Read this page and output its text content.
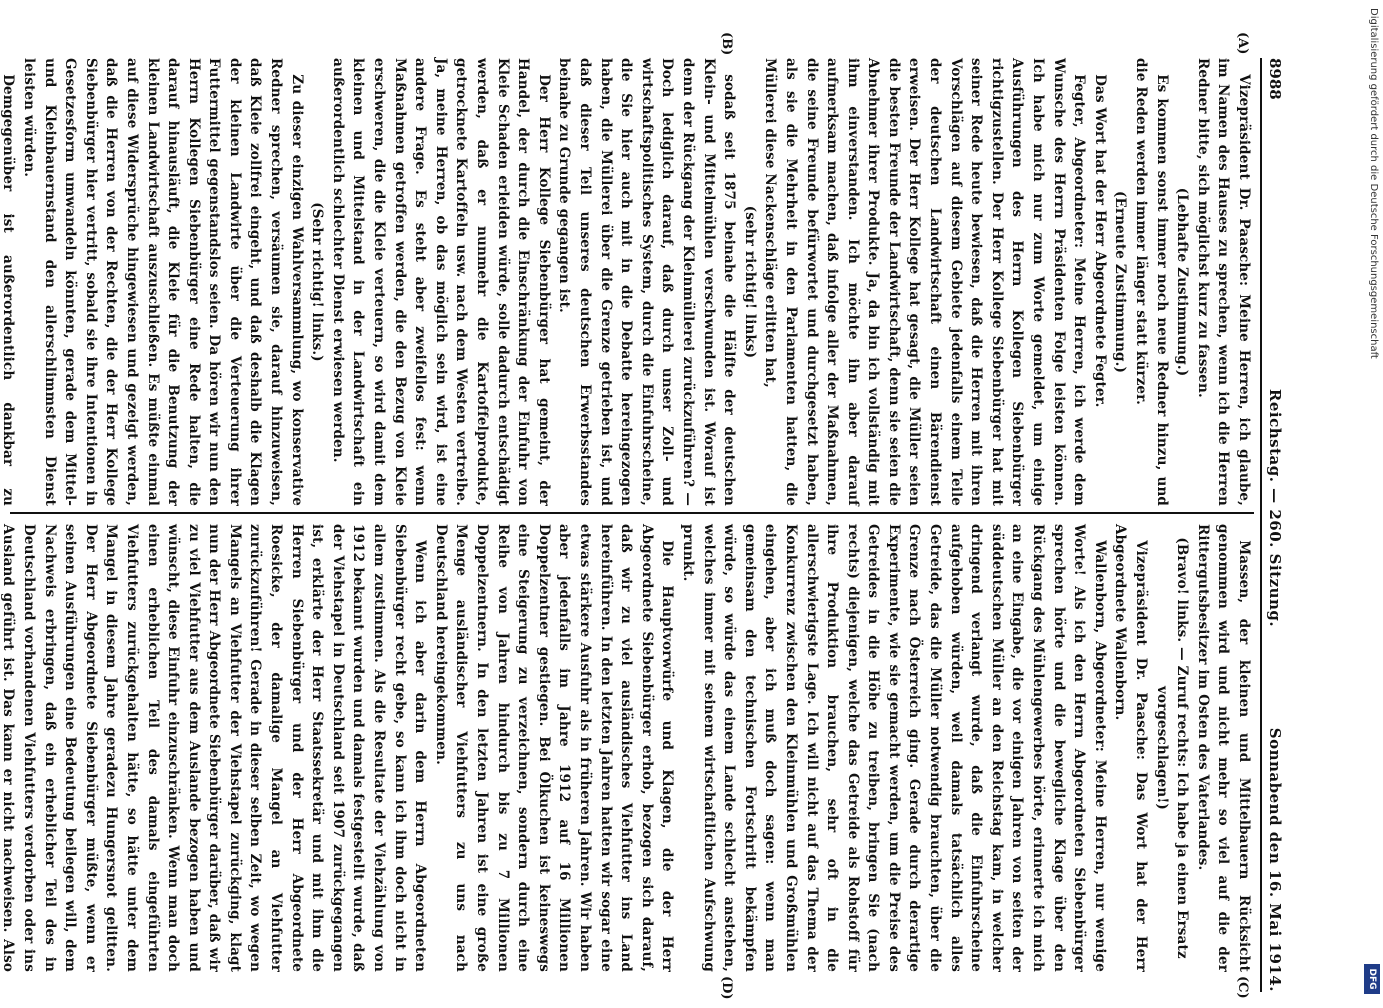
8988
Reichstag. — 260. Sitzung.
Sonnabend den 16. Mai 1914.
(A)
(B)
(C)
(D)

Vizepräsident Dr. Paasche: Meine Herren, ich glaube, im Namen des Hauses zu sprechen, wenn ich die Herren Redner bitte, sich möglichst kurz zu fassen.

(Lebhafte Zustimmung.)

Es kommen sonst immer noch neue Redner hinzu, und die Reden werden immer länger statt kürzer.

(Erneute Zustimmung.)

Das Wort hat der Herr Abgeordnete Fegter.

Fegter, Abgeordneter: Meine Herren, ich werde dem Wunsche des Herrn Präsidenten Folge leisten können. Ich habe mich nur zum Worte gemeldet, um einige Ausführungen des Herrn Kollegen Siebenbürger richtigzustellen. Der Herr Kollege Siebenbürger hat mit seiner Rede heute bewiesen, daß die Herren mit ihren Vorschlägen auf diesem Gebiete jedenfalls einem Teile der deutschen Landwirtschaft einen Bärendienst erweisen. Der Herr Kollege hat gesagt, die Müller seien die besten Freunde der Landwirtschaft, denn sie seien die Abnehmer ihrer Produkte. Ja, da bin ich vollständig mit ihm einverstanden. Ich möchte ihn aber darauf aufmerksam machen, daß infolge aller der Maßnahmen, die seine Freunde befürwortet und durchgesetzt haben, als sie die Mehrheit in den Parlamenten hatten, die Müllerei diese Nackenschläge erlitten hat,

(sehr richtig! links)

sodaß seit 1875 beinahe die Hälfte der deutschen Klein- und Mittelmühlen verschwunden ist. Worauf ist denn der Rückgang der Kleinmüllerei zurückzuführen? — Doch lediglich darauf, daß durch unser Zoll- und wirtschaftspolitisches System, durch die Einfuhrscheine, die Sie hier auch mit in die Debatte hereingezogen haben, die Müllerei über die Grenze getrieben ist, und daß dieser Teil unseres deutschen Erwerbsstandes beinahe zu Grunde gegangen ist.

Der Herr Kollege Siebenbürger hat gemeint, der Handel, der durch die Einschränkung der Einfuhr von Kleie Schaden erleiden würde, solle dadurch entschädigt werden, daß er nunmehr die Kartoffelprodukte, getrocknete Kartoffeln usw. nach dem Westen vertreibe. Ja, meine Herren, ob das möglich sein wird, ist eine andere Frage. Es steht aber zweifellos fest: wenn Maßnahmen getroffen werden, die den Bezug von Kleie erschweren, die die Kleie verteuern, so wird damit dem kleinen und Mittelstand in der Landwirtschaft ein außerordentlich schlechter Dienst erwiesen werden.

(Sehr richtig! links.)

Zu dieser einzigen Wahlversammlung, wo konservative Redner sprechen, versäumen sie, darauf hinzuweisen, daß Kleie zollfrei eingeht, und daß deshalb die Klagen der kleinen Landwirte über die Verteuerung ihrer Futtermittel gegenstandslos seien. Da hören wir nun den Herrn Kollegen Siebenbürger eine Rede halten, die darauf hinausläuft, die Kleie für die Benutzung der kleinen Landwirtschaft auszuschließen. Es müßte einmal auf diese Widersprüche hingewiesen und gezeigt werden, daß die Herren von der Rechten, die der Herr Kollege Siebenbürger hier vertritt, sobald sie ihre Intentionen in Gesetzesform umwandeln könnten, gerade dem Mittel- und Kleinbauernstand den allerschlimmsten Dienst leisten würden.

Demgegenüber ist außerordentlich dankbar zu

Massen, der kleinen und Mittelbauern Rücksicht genommen wird und nicht mehr so viel auf die der Rittergutsbesitzer im Osten des Vaterlandes.

(Bravo! links. — Zuruf rechts: Ich habe ja einen Ersatz vorgeschlagen!)

Vizepräsident Dr. Paasche: Das Wort hat der Herr Abgeordnete Wallenborn.

Wallenborn, Abgeordneter: Meine Herren, nur wenige Worte! Als ich den Herrn Abgeordneten Siebenbürger sprechen hörte und die bewegliche Klage über den Rückgang des Mühlengewerbes hörte, erinnerte ich mich an eine Eingabe, die vor einigen Jahren von seiten der süddeutschen Müller an den Reichstag kam, in welcher dringend verlangt wurde, daß die Einfuhrscheine aufgehoben würden, weil damals tatsächlich alles Getreide, das die Müller notwendig brauchten, über die Grenze nach Österreich ging. Gerade durch derartige Experimente, wie sie gemacht werden, um die Preise des Getreides in die Höhe zu treiben, bringen Sie (nach rechts) diejenigen, welche das Getreide als Rohstoff für ihre Produktion brauchen, sehr oft in die allerschwierigste Lage. Ich will nicht auf das Thema der Konkurrenz zwischen den Kleinmühlen und Großmühlen eingehen, aber ich muß doch sagen: wenn man gemeinsam den technischen Fortschritt bekämpfen würde, so würde das einem Lande schlecht anstehen, welches immer mit seinem wirtschaftlichen Aufschwung prunkt.

Die Hauptvorwürfe und Klagen, die der Herr Abgeordnete Siebenbürger erhob, bezogen sich darauf, daß wir zu viel ausländisches Viehfutter ins Land hereinführen. In den letzten Jahren hatten wir sogar eine etwas stärkere Ausfuhr als in früheren Jahren. Wir haben aber jedenfalls im Jahre 1912 auf 16 Millionen Doppelzentner gestiegen. Bei Ölkuchen ist keineswegs eine Steigerung zu verzeichnen, sondern durch eine Reihe von Jahren hindurch bis zu 7 Millionen Doppelzentnern. In den letzten Jahren ist eine große Menge ausländischer Viehfutters zu uns nach Deutschland hereingekommen.

Wenn ich aber darin dem Herrn Abgeordneten Siebenbürger recht gebe, so kann ich ihm doch nicht in allem zustimmen. Als die Resultate der Viehzählung von 1912 bekannt wurden und damals festgestellt wurde, daß der Viehstapel in Deutschland seit 1907 zurückgegangen ist, erklärte der Herr Staatssekretär und mit ihm die Herren Siebenbürger und der Herr Abgeordnete Roesicke, der damalige Mangel an Viehfutter zurückzuführen! Gerade in dieser selben Zeit, wo wegen Mangels an Viehfutter der Viehstapel zurückging, klagt nun der Herr Abgeordnete Siebenbürger darüber, daß wir zu viel Viehfutter aus dem Auslande bezogen haben und wünscht, diese Einfuhr einzuschränken. Wenn man doch einen erheblichen Teil des damals eingeführten Viehfutters zurückgehalten hätte, so hätte unter dem Mangel in diesem Jahre geradezu Hungersnot gelitten. Der Herr Abgeordnete Siebenbürger müßte, wenn er seinen Ausführungen eine Bedeutung beilegen will, dem Nachweis erbringen, daß ein erheblicher Teil des in Deutschland vorhandenen Viehfutters verdorben oder ins Ausland geführt ist. Das kann er nicht nachweisen. Also

Digitalisierung gefördert durch die Deutsche Forschungsgemeinschaft
DFG
